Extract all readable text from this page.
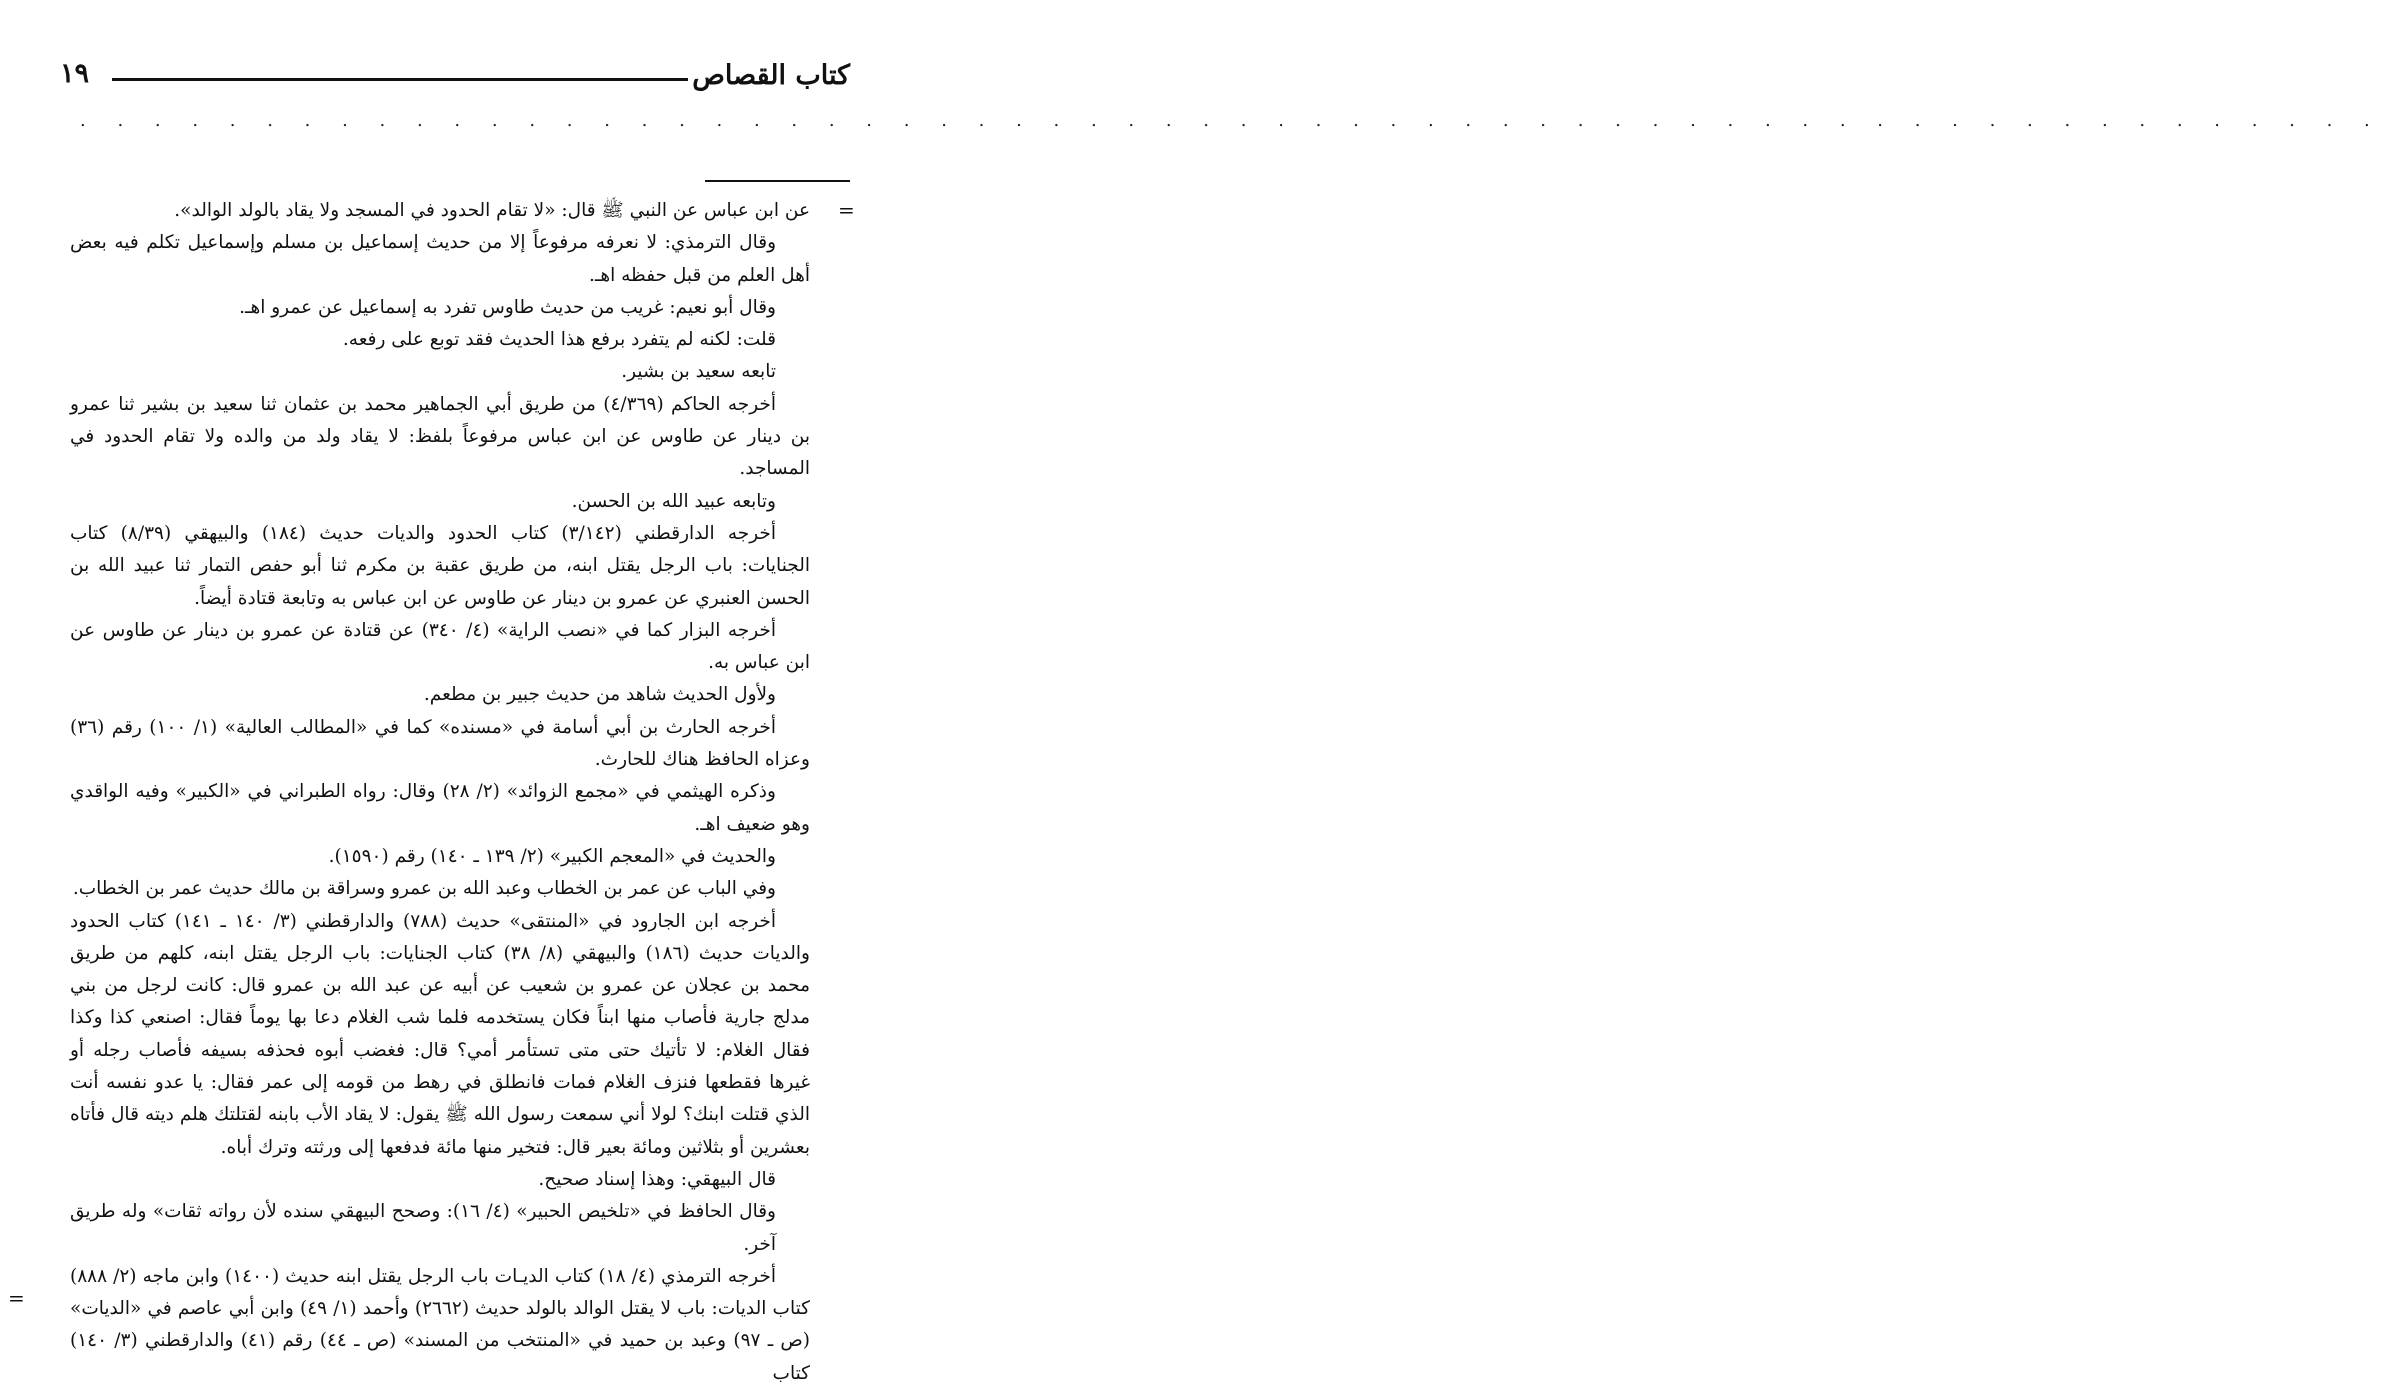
كتاب القصاص
١٩
. . . . . . . . . . . . . . . . . . . . . . . . . . . . . . . . . . . . . . . . . . . . . . . . . . . . . . . . . . . . . .
=
=

عن ابن عباس عن النبي ﷺ قال: «لا تقام الحدود في المسجد ولا يقاد بالولد الوالد».

وقال الترمذي: لا نعرفه مرفوعاً إلا من حديث إسماعيل بن مسلم وإسماعيل تكلم فيه بعض أهل العلم من قبل حفظه اهـ.

وقال أبو نعيم: غريب من حديث طاوس تفرد به إسماعيل عن عمرو اهـ.

قلت: لكنه لم يتفرد برفع هذا الحديث فقد توبع على رفعه.

تابعه سعيد بن بشير.

أخرجه الحاكم (٤/٣٦٩) من طريق أبي الجماهير محمد بن عثمان ثنا سعيد بن بشير ثنا عمرو بن دينار عن طاوس عن ابن عباس مرفوعاً بلفظ: لا يقاد ولد من والده ولا تقام الحدود في المساجد.

وتابعه عبيد الله بن الحسن.

أخرجه الدارقطني (٣/١٤٢) كتاب الحدود والديات حديث (١٨٤) والبيهقي (٨/٣٩) كتاب الجنايات: باب الرجل يقتل ابنه، من طريق عقبة بن مكرم ثنا أبو حفص التمار ثنا عبيد الله بن الحسن العنبري عن عمرو بن دينار عن طاوس عن ابن عباس به وتابعة قتادة أيضاً.

أخرجه البزار كما في «نصب الراية» (٤/ ٣٤٠) عن قتادة عن عمرو بن دينار عن طاوس عن ابن عباس به.

ولأول الحديث شاهد من حديث جبير بن مطعم.

أخرجه الحارث بن أبي أسامة في «مسنده» كما في «المطالب العالية» (١/ ١٠٠) رقم (٣٦) وعزاه الحافظ هناك للحارث.

وذكره الهيثمي في «مجمع الزوائد» (٢/ ٢٨) وقال: رواه الطبراني في «الكبير» وفيه الواقدي وهو ضعيف اهـ.

والحديث في «المعجم الكبير» (٢/ ١٣٩ ـ ١٤٠) رقم (١٥٩٠).

وفي الباب عن عمر بن الخطاب وعبد الله بن عمرو وسراقة بن مالك حديث عمر بن الخطاب.

أخرجه ابن الجارود في «المنتقى» حديث (٧٨٨) والدارقطني (٣/ ١٤٠ ـ ١٤١) كتاب الحدود والديات حديث (١٨٦) والبيهقي (٨/ ٣٨) كتاب الجنايات: باب الرجل يقتل ابنه، كلهم من طريق محمد بن عجلان عن عمرو بن شعيب عن أبيه عن عبد الله بن عمرو قال: كانت لرجل من بني مدلج جارية فأصاب منها ابناً فكان يستخدمه فلما شب الغلام دعا بها يوماً فقال: اصنعي كذا وكذا فقال الغلام: لا تأتيك حتى متى تستأمر أمي؟ قال: فغضب أبوه فحذفه بسيفه فأصاب رجله أو غيرها فقطعها فنزف الغلام فمات فانطلق في رهط من قومه إلى عمر فقال: يا عدو نفسه أنت الذي قتلت ابنك؟ لولا أني سمعت رسول الله ﷺ يقول: لا يقاد الأب بابنه لقتلتك هلم ديته قال فأتاه بعشرين أو بثلاثين ومائة بعير قال: فتخير منها مائة فدفعها إلى ورثته وترك أباه.

قال البيهقي: وهذا إسناد صحيح.

وقال الحافظ في «تلخيص الحبير» (٤/ ١٦): وصحح البيهقي سنده لأن رواته ثقات» وله طريق آخر.

أخرجه الترمذي (٤/ ١٨) كتاب الديـات باب الرجل يقتل ابنه حديث (١٤٠٠) وابن ماجه (٢/ ٨٨٨) كتاب الديات: باب لا يقتل الوالد بالولد حديث (٢٦٦٢) وأحمد (١/ ٤٩) وابن أبي عاصم في «الديات» (ص ـ ٩٧) وعبد بن حميد في «المنتخب من المسند» (ص ـ ٤٤) رقم (٤١) والدارقطني (٣/ ١٤٠) كتاب
